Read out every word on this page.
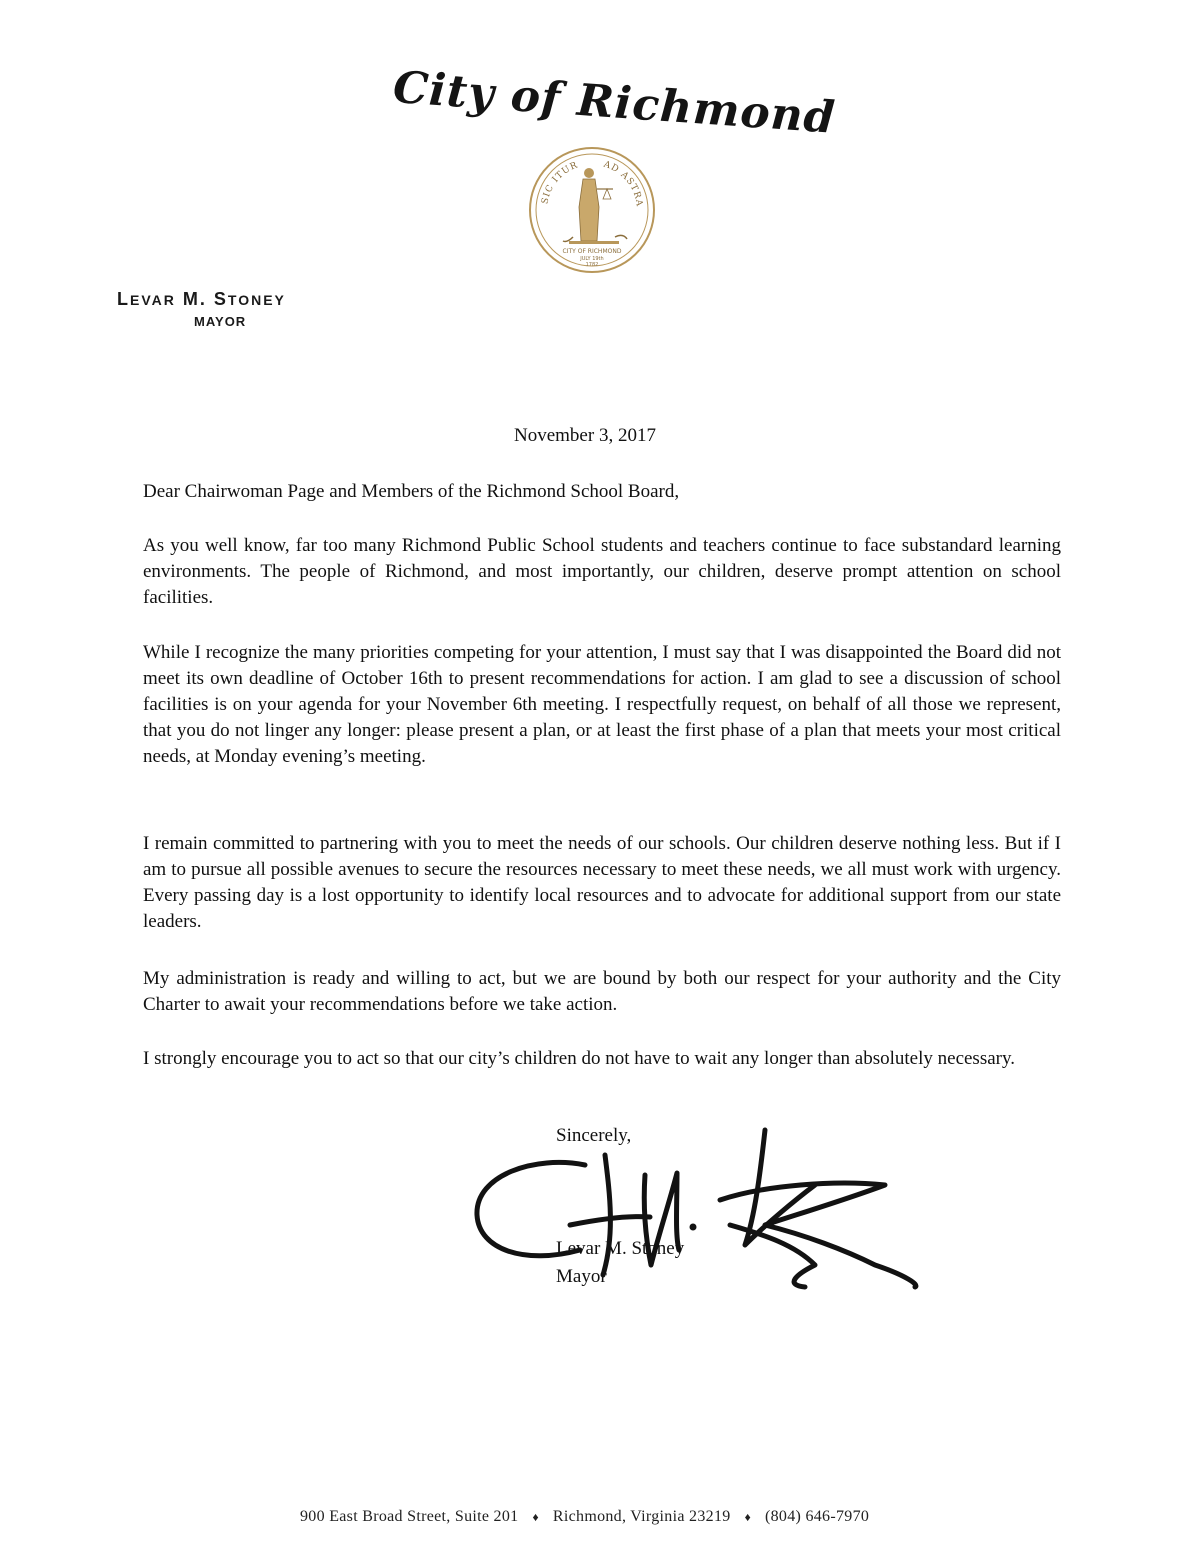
City of Richmond
SIC ITUR AD ASTRA
CITY OF RICHMOND
JULY 19th
1782
LEVAR M. STONEY
MAYOR
November 3, 2017
Dear Chairwoman Page and Members of the Richmond School Board,

As you well know, far too many Richmond Public School students and teachers continue to face substandard learning environments. The people of Richmond, and most importantly, our children, deserve prompt attention on school facilities.

While I recognize the many priorities competing for your attention, I must say that I was disappointed the Board did not meet its own deadline of October 16th to present recommendations for action. I am glad to see a discussion of school facilities is on your agenda for your November 6th meeting. I respectfully request, on behalf of all those we represent, that you do not linger any longer: please present a plan, or at least the first phase of a plan that meets your most critical needs, at Monday evening’s meeting.

I remain committed to partnering with you to meet the needs of our schools. Our children deserve nothing less. But if I am to pursue all possible avenues to secure the resources necessary to meet these needs, we all must work with urgency. Every passing day is a lost opportunity to identify local resources and to advocate for additional support from our state leaders.

My administration is ready and willing to act, but we are bound by both our respect for your authority and the City Charter to await your recommendations before we take action.

I strongly encourage you to act so that our city’s children do not have to wait any longer than absolutely necessary.

Sincerely,
Levar M. Stoney
Mayor
900 East Broad Street, Suite 201 ♦ Richmond, Virginia 23219 ♦ (804) 646-7970
